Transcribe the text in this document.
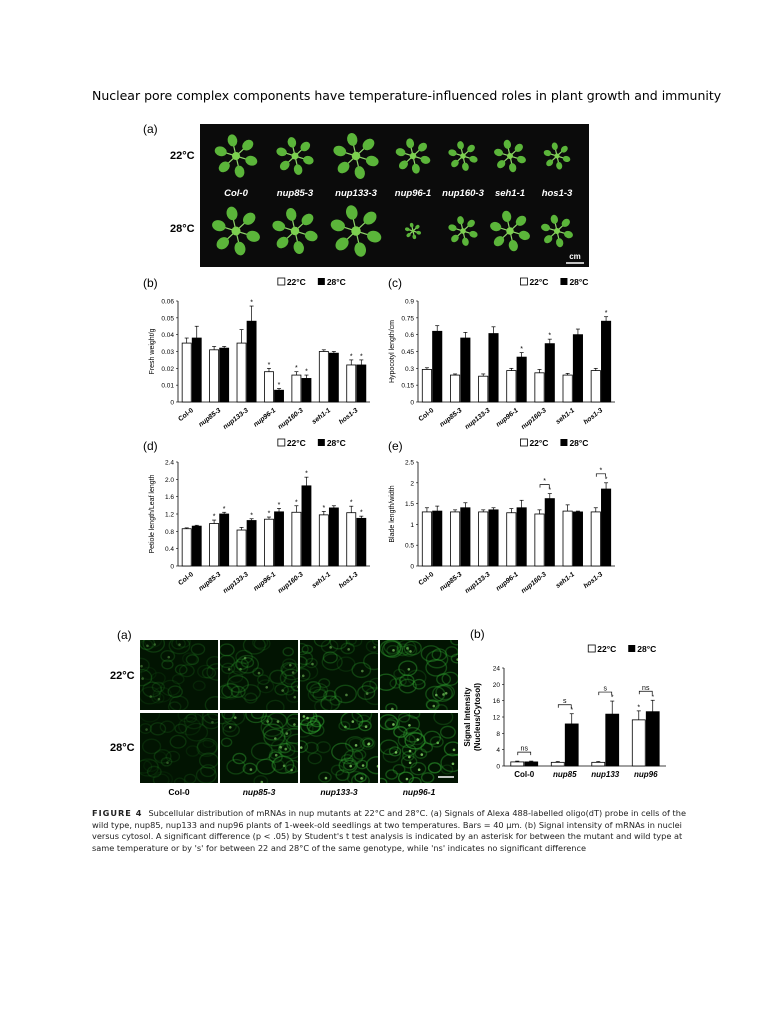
Nuclear pore complex components have temperature-influenced roles in plant growth and immunity
(a)
22°C
28°C
Col-0	nup85-3 nup133-3 nup96-1 nup160-3 seh1-1 hos1-3
cm
(b)	22°C 28°C
0
0.01
0.02
0.03
0.04
0.05
0.06
Fresh weight/g
Col-0 nup85-3
*
nup133-3
*
*
nup96-1
* *
nup160-3 seh1-1
* *
hos1-3
(c)	22°C 28°C
0
0.15
0.3
0.45
0.6
0.75
0.9
Hypocotyl length/cm
Col-0 nup85-3 nup133-3
*
nup96-1
*
nup160-3 seh1-1
*
hos1-3
(d)	22°C 28°C
0
0.4
0.8
1.2
1.6
2.0
2.4
Petiole length/Leaf length
Col-0
*
*
nup85-3
*
nup133-3
*
*
nup96-1
*
*
nup160-3
*
seh1-1
*
*
hos1-3
(e)	22°C 28°C
0
0.5
1
1.5
2
2.5
Blade length/width
Col-0 nup85-3 nup133-3 nup96-1
*
nup160-3 seh1-1
*
hos1-3
*
*
(b)
22°C 28°C
0
4
8
12
16
20
24
Signal Intensity(Nucleus/Cytosol)
Col-0
*
nup85
*
nup133
*
*
nup96
ns
s
s	ns
(a)
22°C
28°C
Col-0	nup85-3	nup133-3	nup96-1
FIGURE 4 Subcellular distribution of mRNAs in nup mutants at 22°C and 28°C. (a) Signals of Alexa 488-labelled oligo(dT) probe in cells of the wild type, nup85, nup133 and nup96 plants of 1-week-old seedlings at two temperatures. Bars = 40 μm. (b) Signal intensity of mRNAs in nuclei versus cytosol. A significant difference (p < .05) by Student's t test analysis is indicated by an asterisk for between the mutant and wild type at same temperature or by 's' for between 22 and 28°C of the same genotype, while 'ns' indicates no significant difference
